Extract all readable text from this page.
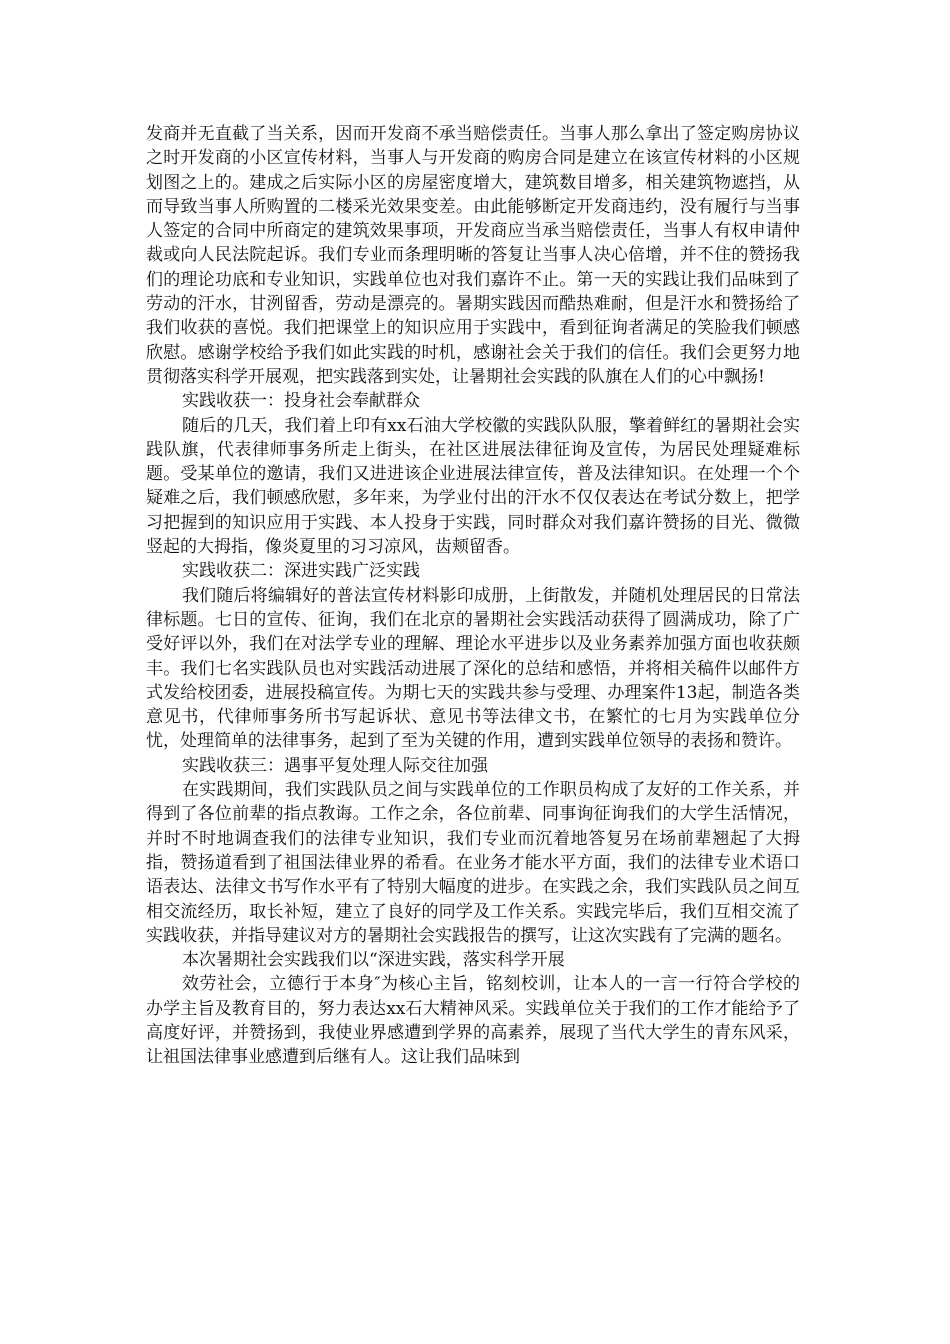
发商并无直截了当关系，因而开发商不承当赔偿责任。当事人那么拿出了签定购房协议之时开发商的小区宣传材料，当事人与开发商的购房合同是建立在该宣传材料的小区规划图之上的。建成之后实际小区的房屋密度增大，建筑数目增多，相关建筑物遮挡，从而导致当事人所购置的二楼采光效果变差。由此能够断定开发商违约，没有履行与当事人签定的合同中所商定的建筑效果事项，开发商应当承当赔偿责任，当事人有权申请仲裁或向人民法院起诉。我们专业而条理明晰的答复让当事人决心倍增，并不住的赞扬我们的理论功底和专业知识，实践单位也对我们嘉许不止。第一天的实践让我们品味到了劳动的汗水，甘洌留香，劳动是漂亮的。暑期实践因而酷热难耐，但是汗水和赞扬给了我们收获的喜悦。我们把课堂上的知识应用于实践中，看到征询者满足的笑脸我们顿感欣慰。感谢学校给予我们如此实践的时机，感谢社会关于我们的信任。我们会更努力地贯彻落实科学开展观，把实践落到实处，让暑期社会实践的队旗在人们的心中飘扬!

实践收获一：投身社会奉献群众

随后的几天，我们着上印有xx石油大学校徽的实践队队服，擎着鲜红的暑期社会实践队旗，代表律师事务所走上街头，在社区进展法律征询及宣传，为居民处理疑难标题。受某单位的邀请，我们又进进该企业进展法律宣传，普及法律知识。在处理一个个疑难之后，我们顿感欣慰，多年来，为学业付出的汗水不仅仅表达在考试分数上，把学习把握到的知识应用于实践、本人投身于实践，同时群众对我们嘉许赞扬的目光、微微竖起的大拇指，像炎夏里的习习凉风，齿颊留香。

实践收获二：深进实践广泛实践

我们随后将编辑好的普法宣传材料影印成册，上街散发，并随机处理居民的日常法律标题。七日的宣传、征询，我们在北京的暑期社会实践活动获得了圆满成功，除了广受好评以外，我们在对法学专业的理解、理论水平进步以及业务素养加强方面也收获颇丰。我们七名实践队员也对实践活动进展了深化的总结和感悟，并将相关稿件以邮件方式发给校团委，进展投稿宣传。为期七天的实践共参与受理、办理案件13起，制造各类意见书，代律师事务所书写起诉状、意见书等法律文书，在繁忙的七月为实践单位分忧，处理简单的法律事务，起到了至为关键的作用，遭到实践单位领导的表扬和赞许。

实践收获三：遇事平复处理人际交往加强

在实践期间，我们实践队员之间与实践单位的工作职员构成了友好的工作关系，并得到了各位前辈的指点教诲。工作之余，各位前辈、同事询征询我们的大学生活情况，并时不时地调查我们的法律专业知识，我们专业而沉着地答复另在场前辈翘起了大拇指，赞扬道看到了祖国法律业界的希看。在业务才能水平方面，我们的法律专业术语口语表达、法律文书写作水平有了特别大幅度的进步。在实践之余，我们实践队员之间互相交流经历，取长补短，建立了良好的同学及工作关系。实践完毕后，我们互相交流了实践收获，并指导建议对方的暑期社会实践报告的撰写，让这次实践有了完满的题名。

本次暑期社会实践我们以“深进实践，落实科学开展

效劳社会，立德行于本身″为核心主旨，铭刻校训，让本人的一言一行符合学校的办学主旨及教育目的，努力表达xx石大精神风采。实践单位关于我们的工作才能给予了高度好评，并赞扬到，我使业界感遭到学界的高素养，展现了当代大学生的青东风采，让祖国法律事业感遭到后继有人。这让我们品味到
